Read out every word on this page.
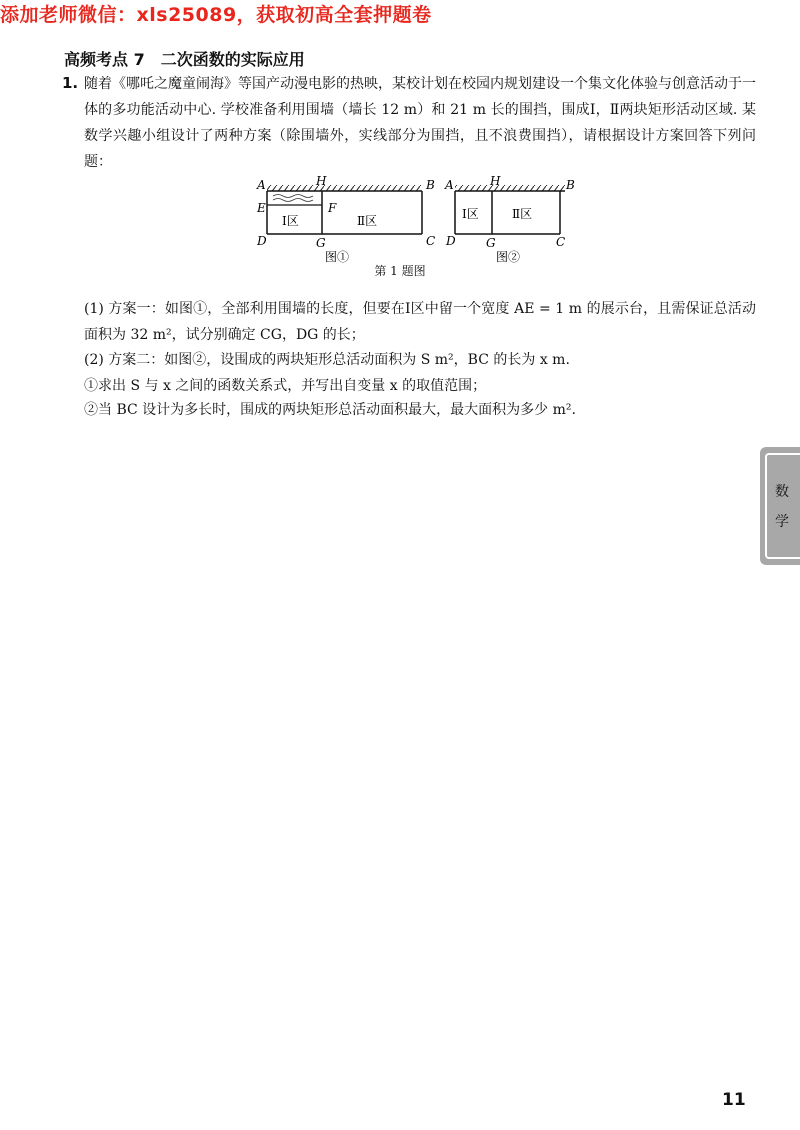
添加老师微信：xls25089，获取初高全套押题卷
高频考点 7　二次函数的实际应用
1. 随着《哪吒之魔童闹海》等国产动漫电影的热映，某校计划在校园内规划建设一个集文化体验与创意活动于一体的多功能活动中心. 学校准备利用围墙（墙长 12 m）和 21 m 长的围挡，围成Ⅰ，Ⅱ两块矩形活动区域. 某数学兴趣小组设计了两种方案（除围墙外，实线部分为围挡，且不浪费围挡），请根据设计方案回答下列问题：
A	H	B
E	F
D	G	C
Ⅰ区	Ⅱ区
图①
A	H	B
D	G	C
Ⅰ区	Ⅱ区
图②
第 1 题图
(1) 方案一：如图①，全部利用围墙的长度，但要在Ⅰ区中留一个宽度 AE = 1 m 的展示台，且需保证总活动面积为 32 m²，试分别确定 CG，DG 的长；
(2) 方案二：如图②，设围成的两块矩形总活动面积为 S m²，BC 的长为 x m.
①求出 S 与 x 之间的函数关系式，并写出自变量 x 的取值范围；
②当 BC 设计为多长时，围成的两块矩形总活动面积最大，最大面积为多少 m².
数学
11
